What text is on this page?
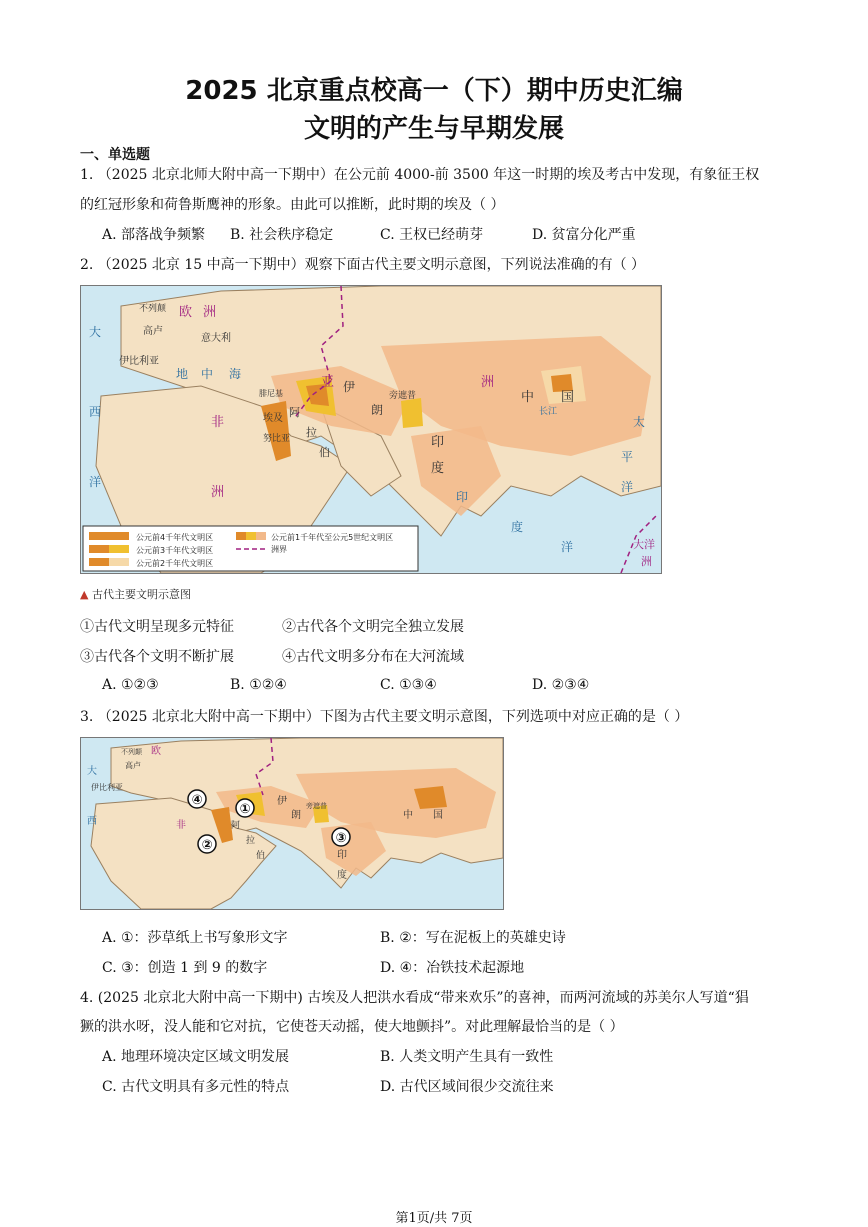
2025 北京重点校高一（下）期中历史汇编
文明的产生与早期发展
一、单选题
1. （2025 北京北师大附中高一下期中）在公元前 4000-前 3500 年这一时期的埃及考古中发现，有象征王权
的红冠形象和荷鲁斯鹰神的形象。由此可以推断，此时期的埃及（ ）
A. 部落战争频繁 B. 社会秩序稳定	C. 王权已经萌芽	D. 贫富分化严重
2. （2025 北京 15 中高一下期中）观察下面古代主要文明示意图，下列说法准确的有（ ）
大
西
洋
不列颠
高卢
意大利
伊比利亚
地 中 海
欧 洲
亚	洲
伊
朗
旁遮普	中 国
长江
印
度
非
洲
阿
拉
伯
腓尼基
埃及
努比亚
太
平
洋
印
度
洋	大洋
洲
公元前4千年代文明区
公元前3千年代文明区
公元前2千年代文明区
公元前1千年代至公元5世纪文明区
洲界
▲ 古代主要文明示意图
①古代文明呈现多元特征	②古代各个文明完全独立发展
③古代各个文明不断扩展	④古代文明多分布在大河流域
A. ①②③	B. ①②④	C. ①③④	D. ②③④
3. （2025 北京北大附中高一下期中）下图为古代主要文明示意图，下列选项中对应正确的是（ ）
④
①
②	③
大
西
不列颠
高卢
伊比利亚
欧
伊
朗
旁遮普
中 国
印
度
非	阿
拉
伯
A. ①：莎草纸上书写象形文字	B. ②：写在泥板上的英雄史诗
C. ③：创造 1 到 9 的数字	D. ④：冶铁技术起源地
4. (2025 北京北大附中高一下期中) 古埃及人把洪水看成“带来欢乐”的喜神，而两河流域的苏美尔人写道“猖
獗的洪水呀，没人能和它对抗，它使苍天动摇，使大地颤抖”。对此理解最恰当的是（ ）
A. 地理环境决定区域文明发展	B. 人类文明产生具有一致性
C. 古代文明具有多元性的特点	D. 古代区域间很少交流往来
第1页/共 7页
